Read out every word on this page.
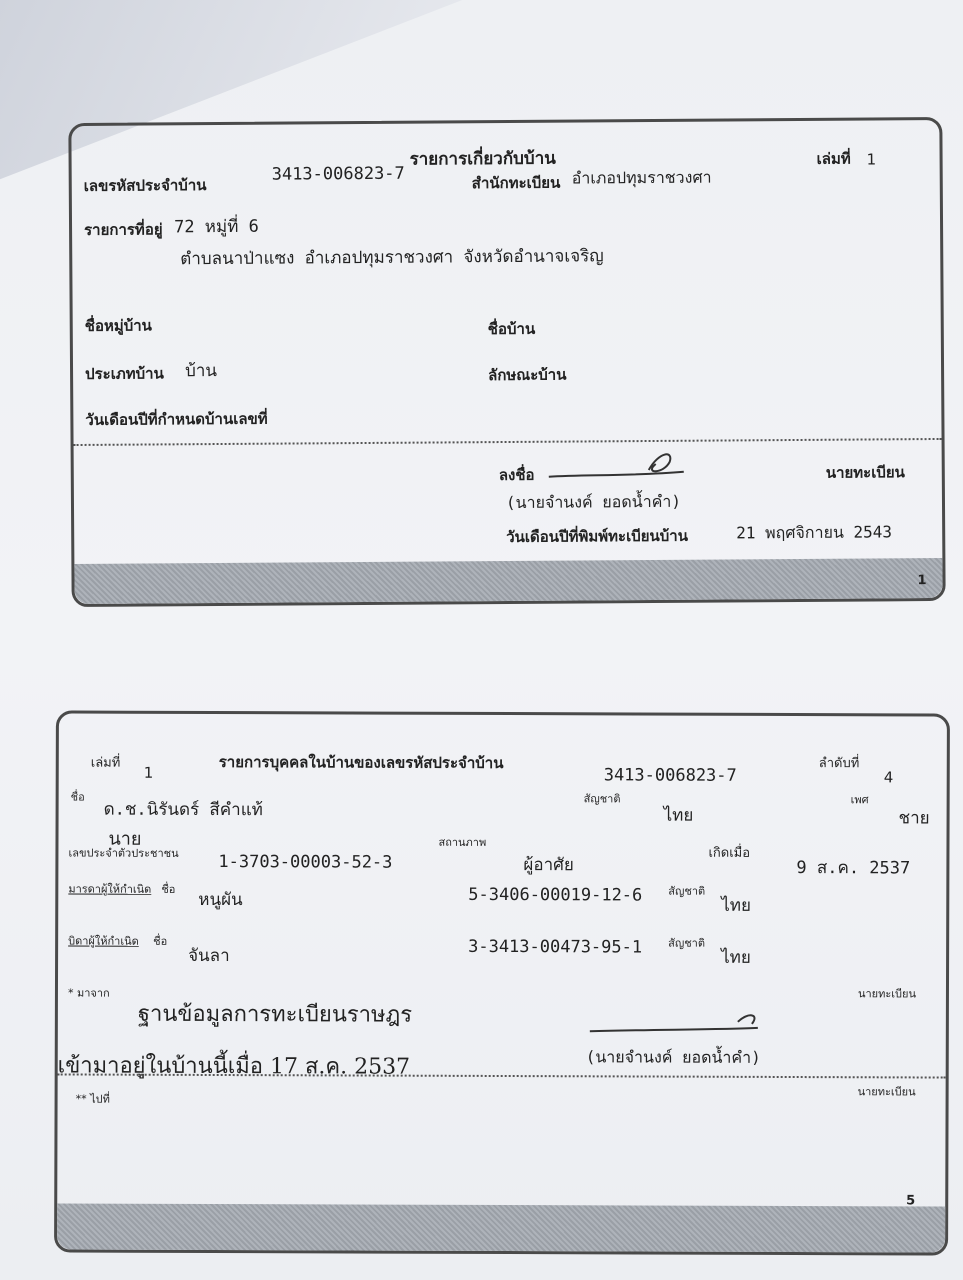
รายการเกี่ยวกับบ้าน
เลขรหัสประจำบ้าน
3413-006823-7	สำนักทะเบียน อำเภอปทุมราชวงศา
เล่มที่ 1
รายการที่อยู่ 72 หมู่ที่ 6
ตำบลนาป่าแซง อำเภอปทุมราชวงศา จังหวัดอำนาจเจริญ
ชื่อหมู่บ้าน	ชื่อบ้าน
ประเภทบ้าน บ้าน	ลักษณะบ้าน
วันเดือนปีที่กำหนดบ้านเลขที่
ลงชื่อ	นายทะเบียน
(นายจำนงค์ ยอดน้ำคำ)
วันเดือนปีที่พิมพ์ทะเบียนบ้าน	21 พฤศจิกายน 2543
1
เล่มที่
1
รายการบุคคลในบ้านของเลขรหัสประจำบ้าน
3413-006823-7
ลำดับที่
4
ชื่อ
ด.ช.นิรันดร์ สีคำแท้
นาย
สัญชาติ
ไทย
เพศ
ชาย
เลขประจำตัวประชาชน 1-3703-00003-52-3
สถานภาพ
ผู้อาศัย
เกิดเมื่อ
9 ส.ค. 2537
มารดาผู้ให้กำเนิด ชื่อ
หนูผัน	5-3406-00019-12-6 สัญชาติ
ไทย
บิดาผู้ให้กำเนิด ชื่อ
จันลา	3-3413-00473-95-1 สัญชาติ
ไทย
* มาจาก
ฐานข้อมูลการทะเบียนราษฎร
นายทะเบียน
เข้ามาอยู่ในบ้านนี้เมื่อ 17 ส.ค. 2537	(นายจำนงค์ ยอดน้ำคำ)
** ไปที่
นายทะเบียน
5
